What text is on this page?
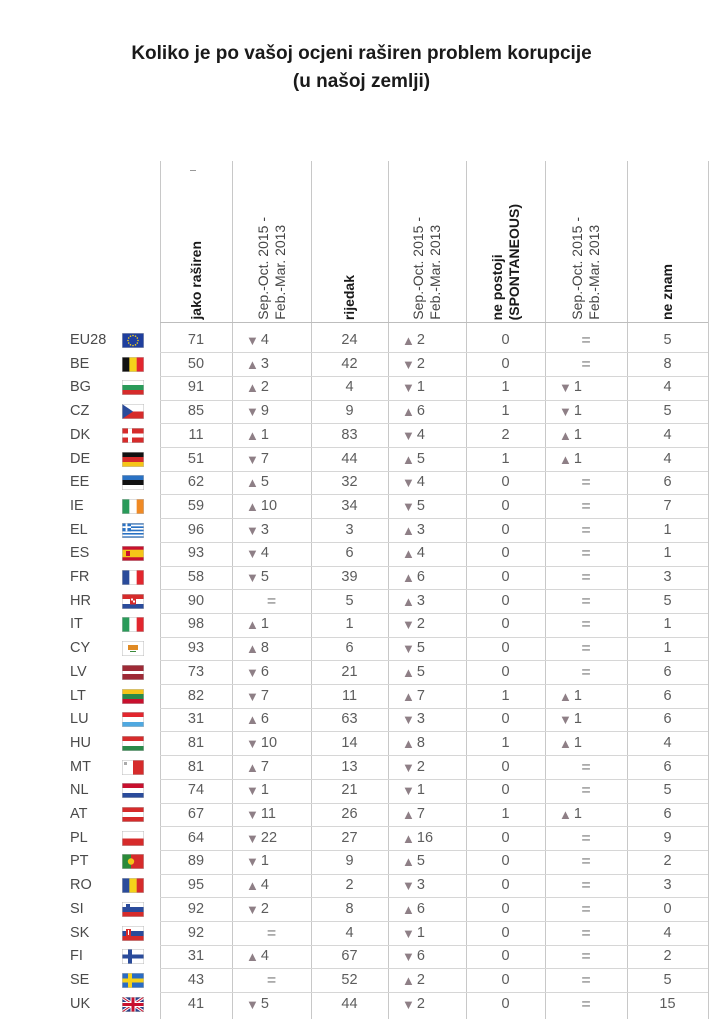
Koliko je po vašoj ocjeni raširen problem korupcije
(u našoj zemlji)
jako raširen	Sep.-Oct. 2015 -
Feb.-Mar. 2013	rijedak	Sep.-Oct. 2015 -
Feb.-Mar. 2013	ne postoji
(SPONTANEOUS)	Sep.-Oct. 2015 -
Feb.-Mar. 2013	ne znam
EU28	71	▼ 4	24	▲ 2	0	=	5
BE	50	▲ 3	42	▼ 2	0	=	8
BG	91	▲ 2	4	▼ 1	1	▼ 1	4
CZ	85	▼ 9	9	▲ 6	1	▼ 1	5
DK	11	▲ 1	83	▼ 4	2	▲ 1	4
DE	51	▼ 7	44	▲ 5	1	▲ 1	4
EE	62	▲ 5	32	▼ 4	0	=	6
IE	59	▲ 10	34	▼ 5	0	=	7
EL	96	▼ 3	3	▲ 3	0	=	1
ES	93	▼ 4	6	▲ 4	0	=	1
FR	58	▼ 5	39	▲ 6	0	=	3
HR	90	=	5	▲ 3	0	=	5
IT	98	▲ 1	1	▼ 2	0	=	1
CY	93	▲ 8	6	▼ 5	0	=	1
LV	73	▼ 6	21	▲ 5	0	=	6
LT	82	▼ 7	11	▲ 7	1	▲ 1	6
LU	31	▲ 6	63	▼ 3	0	▼ 1	6
HU	81	▼ 10	14	▲ 8	1	▲ 1	4
MT	81	▲ 7	13	▼ 2	0	=	6
NL	74	▼ 1	21	▼ 1	0	=	5
AT	67	▼ 11	26	▲ 7	1	▲ 1	6
PL	64	▼ 22	27	▲ 16	0	=	9
PT	89	▼ 1	9	▲ 5	0	=	2
RO	95	▲ 4	2	▼ 3	0	=	3
SI	92	▼ 2	8	▲ 6	0	=	0
SK	92	=	4	▼ 1	0	=	4
FI	31	▲ 4	67	▼ 6	0	=	2
SE	43	=	52	▲ 2	0	=	5
UK	41	▼ 5	44	▼ 2	0	=	15
